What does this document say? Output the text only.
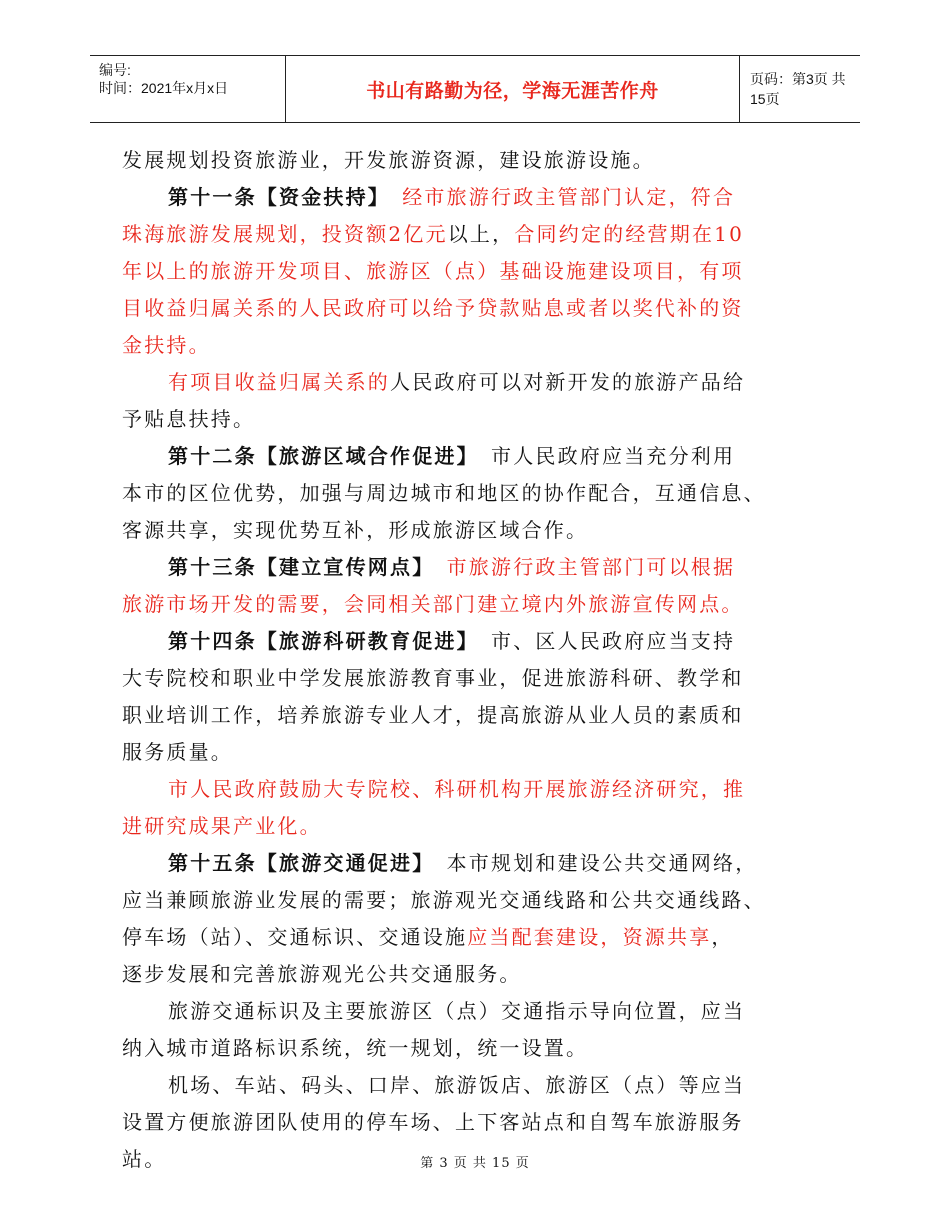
编号:
时间：2021年x月x日	书山有路勤为径，学海无涯苦作舟
页码：第3页 共15页

发展规划投资旅游业，开发旅游资源，建设旅游设施。

第十一条【资金扶持】　经市旅游行政主管部门认定，符合

珠海旅游发展规划，投资额2亿元以上，合同约定的经营期在10

年以上的旅游开发项目、旅游区（点）基础设施建设项目，有项

目收益归属关系的人民政府可以给予贷款贴息或者以奖代补的资

金扶持。

有项目收益归属关系的人民政府可以对新开发的旅游产品给

予贴息扶持。

第十二条【旅游区域合作促进】　市人民政府应当充分利用

本市的区位优势，加强与周边城市和地区的协作配合，互通信息、

客源共享，实现优势互补，形成旅游区域合作。

第十三条【建立宣传网点】　市旅游行政主管部门可以根据

旅游市场开发的需要，会同相关部门建立境内外旅游宣传网点。

第十四条【旅游科研教育促进】　市、区人民政府应当支持

大专院校和职业中学发展旅游教育事业，促进旅游科研、教学和

职业培训工作，培养旅游专业人才，提高旅游从业人员的素质和

服务质量。

市人民政府鼓励大专院校、科研机构开展旅游经济研究，推

进研究成果产业化。

第十五条【旅游交通促进】　本市规划和建设公共交通网络，

应当兼顾旅游业发展的需要；旅游观光交通线路和公共交通线路、

停车场（站）、交通标识、交通设施应当配套建设，资源共享，

逐步发展和完善旅游观光公共交通服务。

旅游交通标识及主要旅游区（点）交通指示导向位置，应当

纳入城市道路标识系统，统一规划，统一设置。

机场、车站、码头、口岸、旅游饭店、旅游区（点）等应当

设置方便旅游团队使用的停车场、上下客站点和自驾车旅游服务

站。	第 3 页 共 15 页
